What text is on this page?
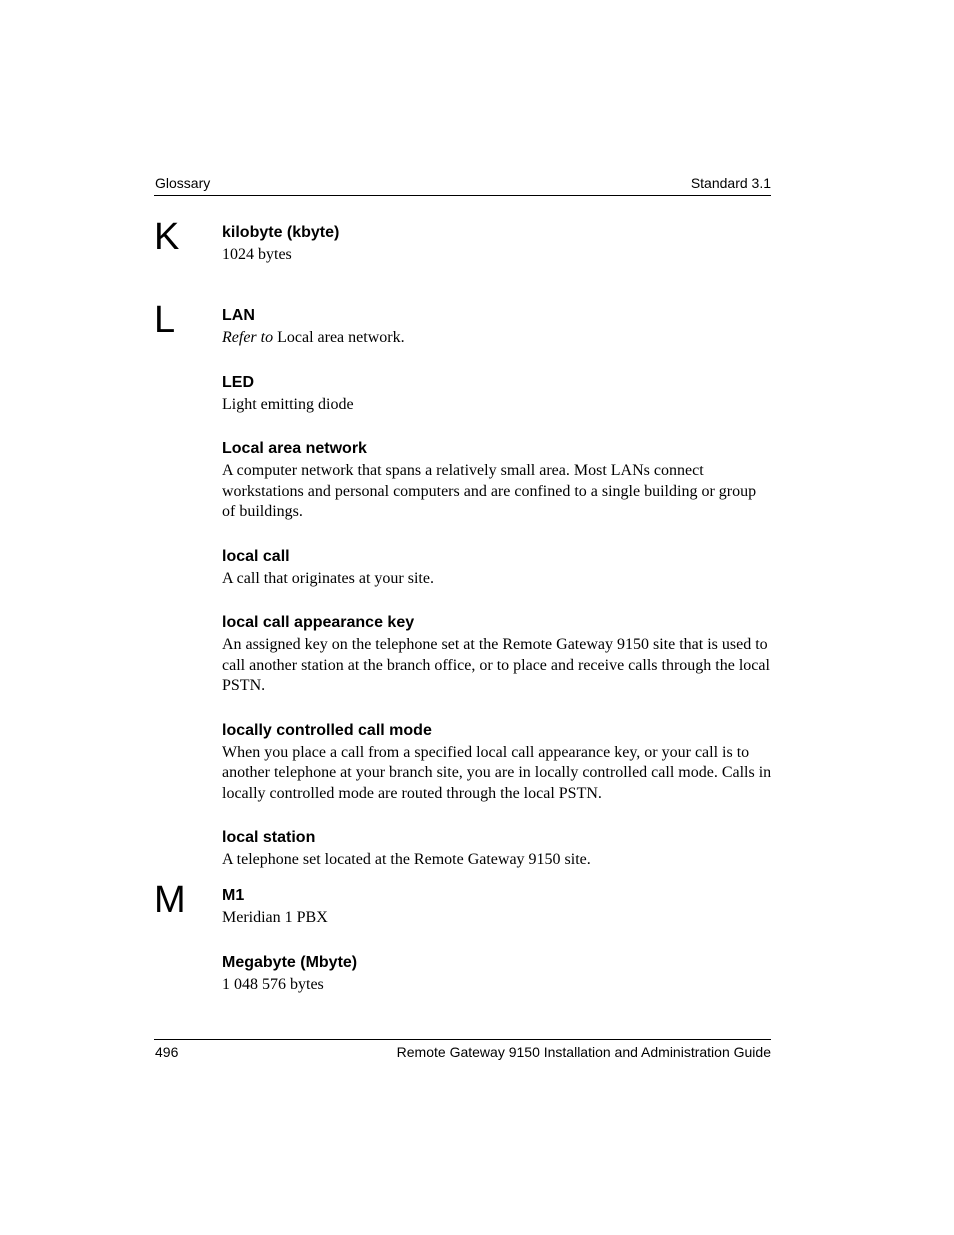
Glossary	Standard 3.1
K	kilobyte (kbyte)
1024 bytes
L	LAN
Refer to Local area network.
LED
Light emitting diode
Local area network
A computer network that spans a relatively small area. Most LANs connect workstations and personal computers and are confined to a single building or group of buildings.
local call
A call that originates at your site.
local call appearance key
An assigned key on the telephone set at the Remote Gateway 9150 site that is used to call another station at the branch office, or to place and receive calls through the local PSTN.
locally controlled call mode
When you place a call from a specified local call appearance key, or your call is to another telephone at your branch site, you are in locally controlled call mode. Calls in locally controlled mode are routed through the local PSTN.
local station
A telephone set located at the Remote Gateway 9150 site.
M M1
Meridian 1 PBX
Megabyte (Mbyte)
1 048 576 bytes
496	Remote Gateway 9150 Installation and Administration Guide
